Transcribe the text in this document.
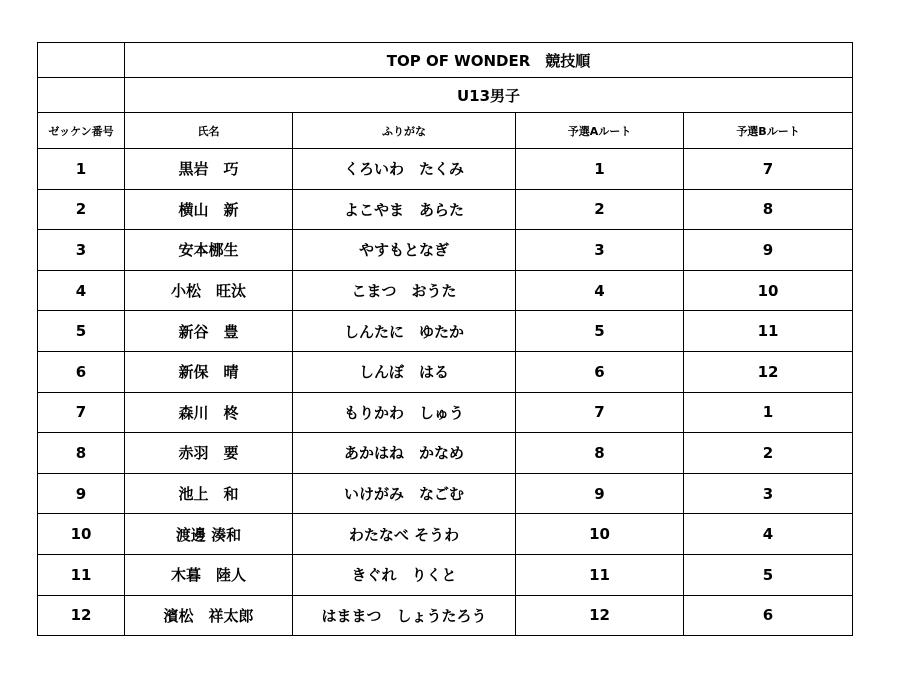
	TOP OF WONDER　競技順			
	U13男子			
ゼッケン番号	氏名	ふりがな	予選Aルート	予選Bルート
1	黒岩　巧	くろいわ　たくみ	1	7
2	横山　新	よこやま　あらた	2	8
3	安本梛生	やすもとなぎ	3	9
4	小松　旺汰	こまつ　おうた	4	10
5	新谷　豊	しんたに　ゆたか	5	11
6	新保　晴	しんぼ　はる	6	12
7	森川　柊	もりかわ　しゅう	7	1
8	赤羽　要	あかはね　かなめ	8	2
9	池上　和	いけがみ　なごむ	9	3
10	渡邊 湊和	わたなべ そうわ	10	4
11	木暮　陸人	きぐれ　りくと	11	5
12	濱松　祥太郎	はままつ　しょうたろう	12	6
